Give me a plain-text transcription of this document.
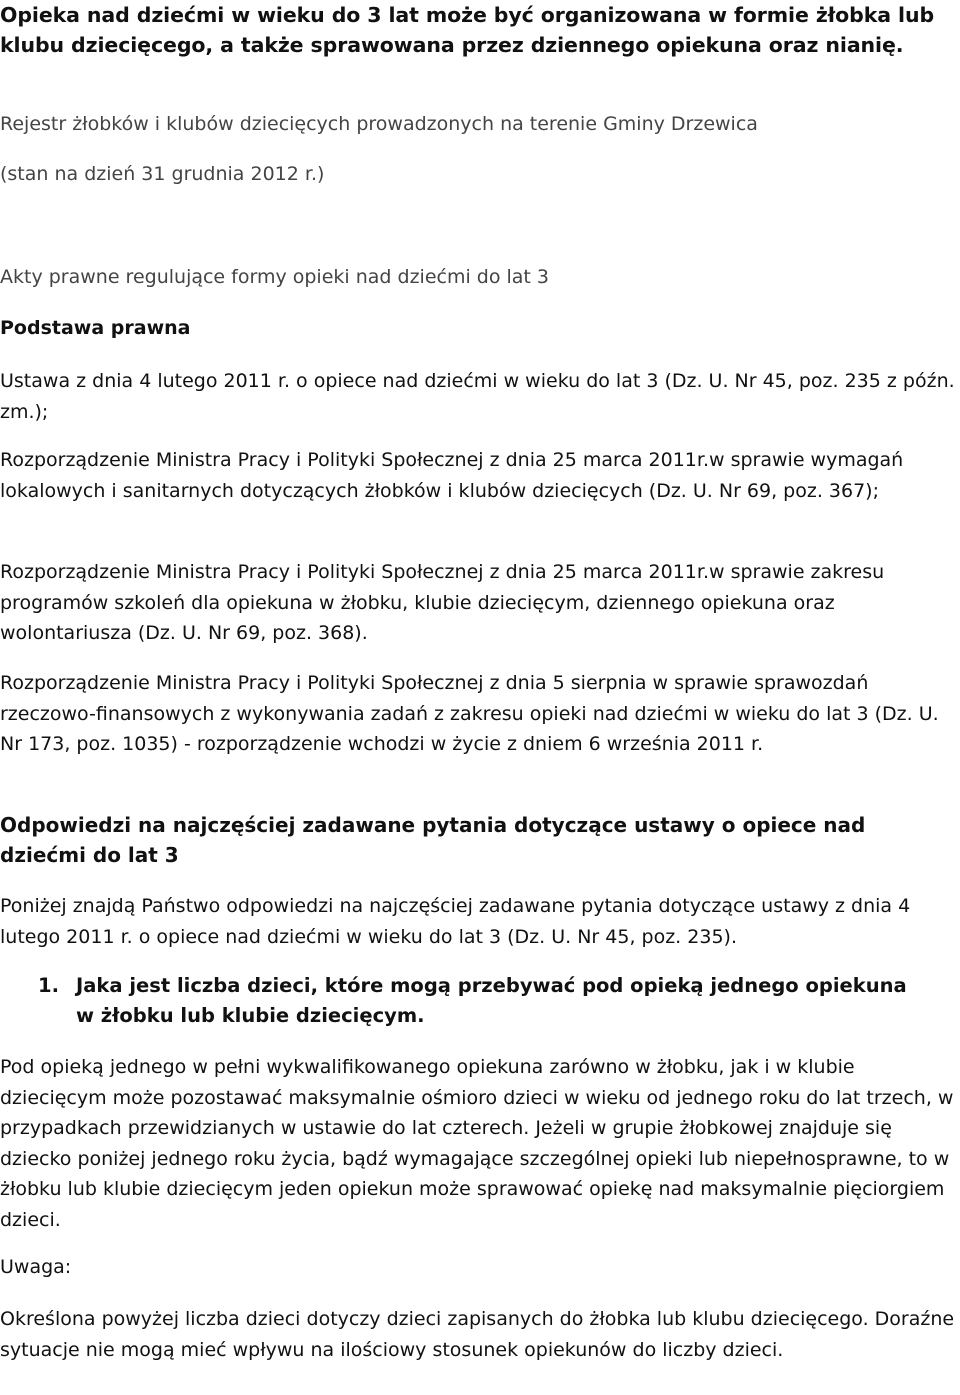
Opieka nad dziećmi w wieku do 3 lat może być organizowana w formie żłobka lub klubu dziecięcego, a także sprawowana przez dziennego opiekuna oraz nianię.

Rejestr żłobków i klubów dziecięcych prowadzonych na terenie Gminy Drzewica

(stan na dzień 31 grudnia 2012 r.)

Akty prawne regulujące formy opieki nad dziećmi do lat 3

Podstawa prawna

Ustawa z dnia 4 lutego 2011 r. o opiece nad dziećmi w wieku do lat 3 (Dz. U. Nr 45, poz. 235 z późn. zm.);

Rozporządzenie Ministra Pracy i Polityki Społecznej z dnia 25 marca 2011r.w sprawie wymagań lokalowych i sanitarnych dotyczących żłobków i klubów dziecięcych (Dz. U. Nr 69, poz. 367);

Rozporządzenie Ministra Pracy i Polityki Społecznej z dnia 25 marca 2011r.w sprawie zakresu programów szkoleń dla opiekuna w żłobku, klubie dziecięcym, dziennego opiekuna oraz wolontariusza (Dz. U. Nr 69, poz. 368).

Rozporządzenie Ministra Pracy i Polityki Społecznej z dnia 5 sierpnia w sprawie sprawozdań rzeczowo-finansowych z wykonywania zadań z zakresu opieki nad dziećmi w wieku do lat 3 (Dz. U. Nr 173, poz. 1035) - rozporządzenie wchodzi w życie z dniem 6 września 2011 r.

Odpowiedzi na najczęściej zadawane pytania dotyczące ustawy o opiece nad dziećmi do lat 3

Poniżej znajdą Państwo odpowiedzi na najczęściej zadawane pytania dotyczące ustawy z dnia 4 lutego 2011 r. o opiece nad dziećmi w wieku do lat 3 (Dz. U. Nr 45, poz. 235).

1. Jaka jest liczba dzieci, które mogą przebywać pod opieką jednego opiekuna w żłobku lub klubie dziecięcym.

Pod opieką jednego w pełni wykwalifikowanego opiekuna zarówno w żłobku, jak i w klubie dziecięcym może pozostawać maksymalnie ośmioro dzieci w wieku od jednego roku do lat trzech, w przypadkach przewidzianych w ustawie do lat czterech. Jeżeli w grupie żłobkowej znajduje się dziecko poniżej jednego roku życia, bądź wymagające szczególnej opieki lub niepełnosprawne, to w żłobku lub klubie dziecięcym jeden opiekun może sprawować opiekę nad maksymalnie pięciorgiem dzieci.

Uwaga:

Określona powyżej liczba dzieci dotyczy dzieci zapisanych do żłobka lub klubu dziecięcego. Doraźne sytuacje nie mogą mieć wpływu na ilościowy stosunek opiekunów do liczby dzieci.
